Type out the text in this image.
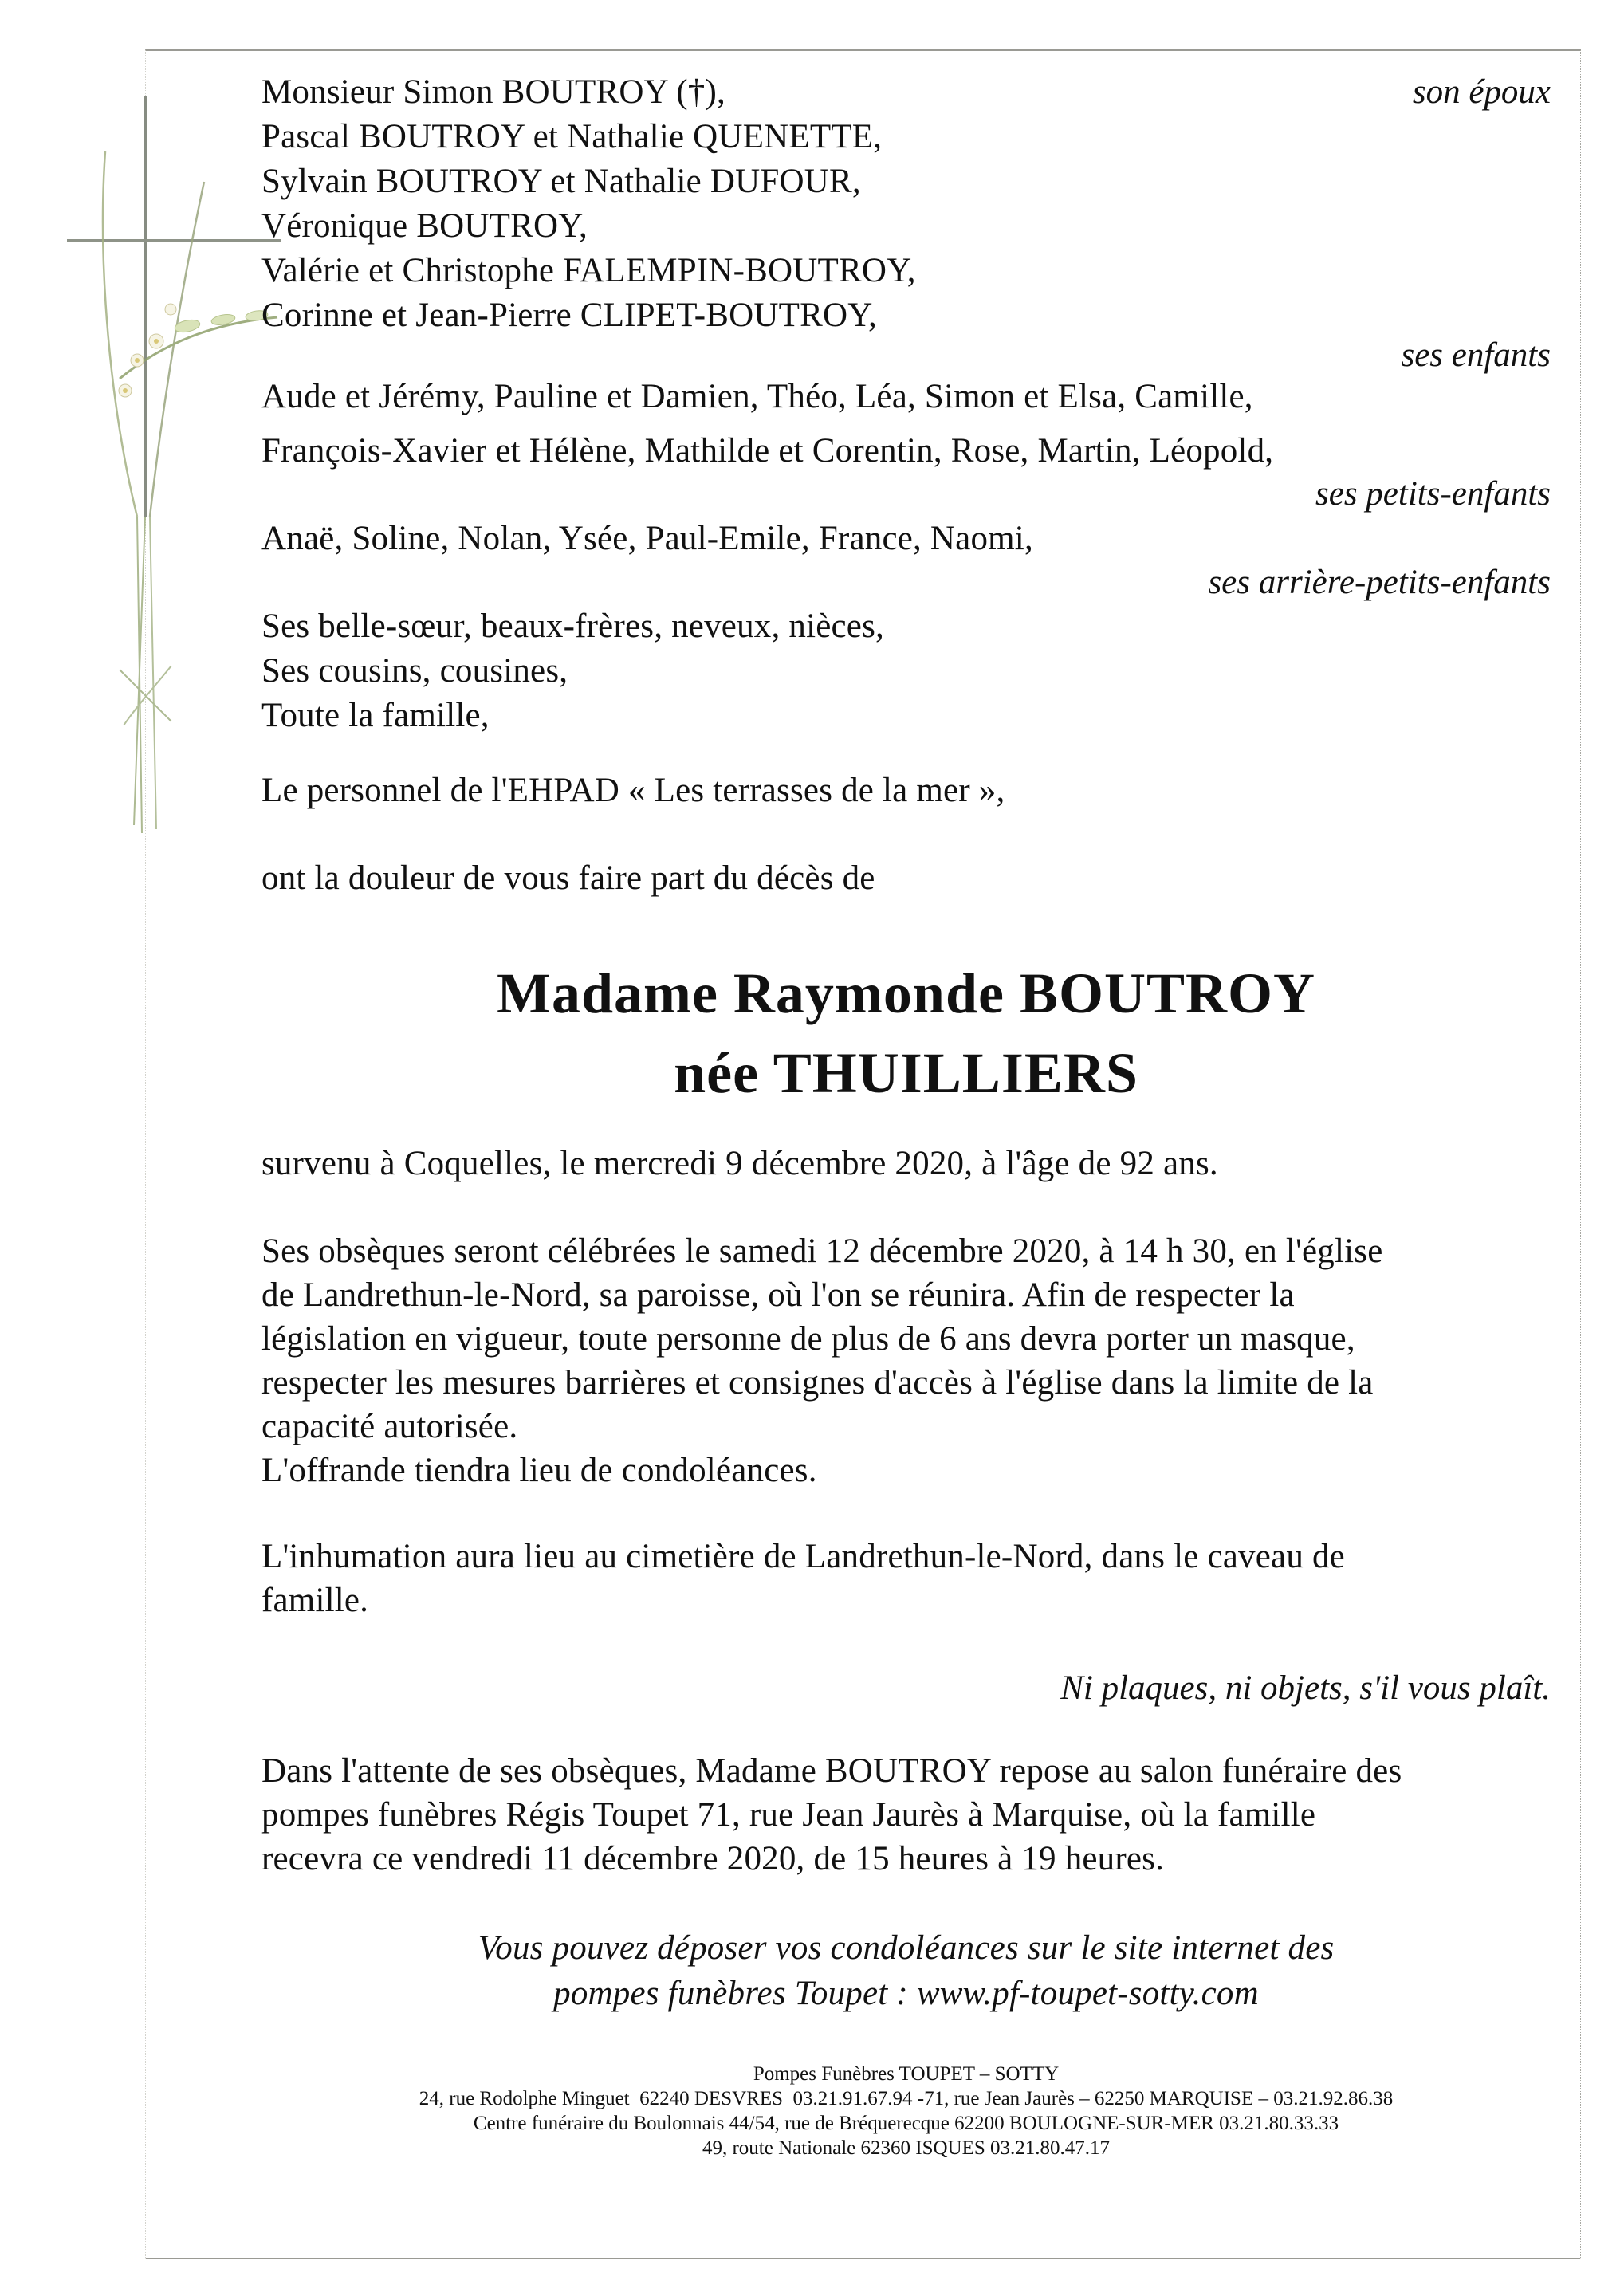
Monsieur Simon BOUTROY (†),
Pascal BOUTROY et Nathalie QUENETTE,
Sylvain BOUTROY et Nathalie DUFOUR,
Véronique BOUTROY,
Valérie et Christophe FALEMPIN-BOUTROY,
Corinne et Jean-Pierre CLIPET-BOUTROY,
son époux
ses enfants
Aude et Jérémy, Pauline et Damien, Théo, Léa, Simon et Elsa, Camille,
François-Xavier et Hélène, Mathilde et Corentin, Rose, Martin, Léopold,
ses petits-enfants
Anaë, Soline, Nolan, Ysée, Paul-Emile, France, Naomi,
ses arrière-petits-enfants
Ses belle-sœur, beaux-frères, neveux, nièces,
Ses cousins, cousines,
Toute la famille,
Le personnel de l'EHPAD « Les terrasses de la mer »,
ont la douleur de vous faire part du décès de
Madame Raymonde BOUTROY
née THUILLIERS
survenu à Coquelles, le mercredi 9 décembre 2020, à l'âge de 92 ans.
Ses obsèques seront célébrées le samedi 12 décembre 2020, à 14 h 30, en l'église
de Landrethun-le-Nord, sa paroisse, où l'on se réunira. Afin de respecter la
législation en vigueur, toute personne de plus de 6 ans devra porter un masque,
respecter les mesures barrières et consignes d'accès à l'église dans la limite de la
capacité autorisée.
L'offrande tiendra lieu de condoléances.
L'inhumation aura lieu au cimetière de Landrethun-le-Nord, dans le caveau de
famille.
Ni plaques, ni objets, s'il vous plaît.
Dans l'attente de ses obsèques, Madame BOUTROY repose au salon funéraire des
pompes funèbres Régis Toupet 71, rue Jean Jaurès à Marquise, où la famille
recevra ce vendredi 11 décembre 2020, de 15 heures à 19 heures.
Vous pouvez déposer vos condoléances sur le site internet des
pompes funèbres Toupet : www.pf-toupet-sotty.com
Pompes Funèbres TOUPET – SOTTY
24, rue Rodolphe Minguet  62240 DESVRES  03.21.91.67.94 -71, rue Jean Jaurès – 62250 MARQUISE – 03.21.92.86.38
Centre funéraire du Boulonnais 44/54, rue de Bréquerecque 62200 BOULOGNE-SUR-MER 03.21.80.33.33
49, route Nationale 62360 ISQUES 03.21.80.47.17
